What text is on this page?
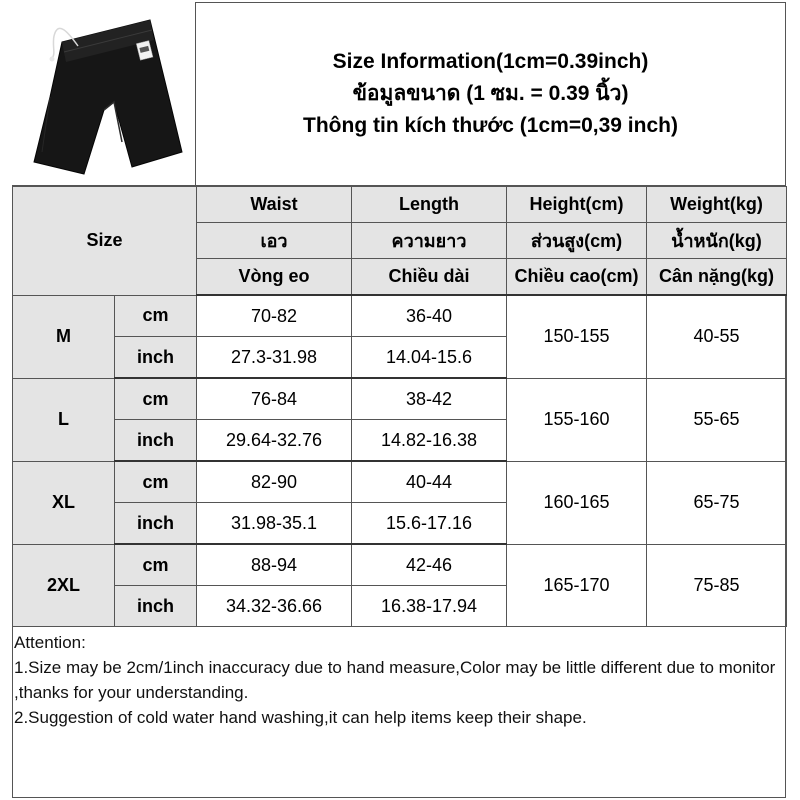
Size Information(1cm=0.39inch)
ข้อมูลขนาด (1 ซม. = 0.39 นิ้ว)
Thông tin kích thước (1cm=0,39 inch)
Size		Waist	Length	Height(cm)	Weight(kg)
		เอว	ความยาว	ส่วนสูง(cm)	น้ำหนัก(kg)
		Vòng eo	Chiều dài	Chiều cao(cm)	Cân nặng(kg)
M	cm	70-82	36-40	150-155	40-55
	inch	27.3-31.98	14.04-15.6		
L	cm	76-84	38-42	155-160	55-65
	inch	29.64-32.76	14.82-16.38		
XL	cm	82-90	40-44	160-165	65-75
	inch	31.98-35.1	15.6-17.16		
2XL	cm	88-94	42-46	165-170	75-85
	inch	34.32-36.66	16.38-17.94		
Attention:
1.Size may be 2cm/1inch inaccuracy due to hand measure,Color may be little different due to monitor ,thanks for your understanding.
2.Suggestion of cold water hand washing,it can help items keep their shape.
